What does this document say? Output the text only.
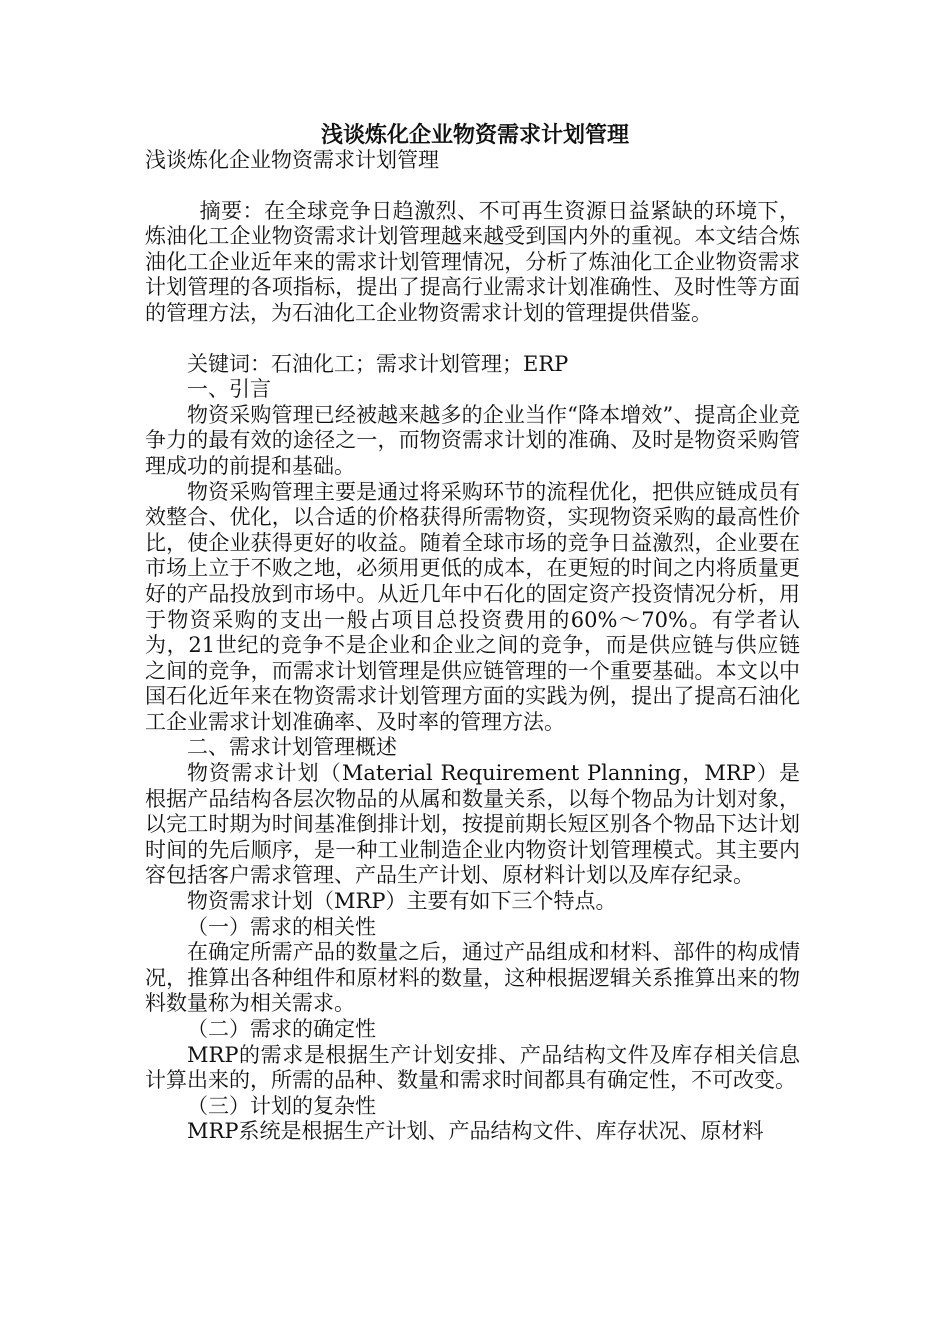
浅谈炼化企业物资需求计划管理

浅谈炼化企业物资需求计划管理

摘要：在全球竞争日趋激烈、不可再生资源日益紧缺的环境下，炼油化工企业物资需求计划管理越来越受到国内外的重视。本文结合炼油化工企业近年来的需求计划管理情况，分析了炼油化工企业物资需求计划管理的各项指标，提出了提高行业需求计划准确性、及时性等方面的管理方法，为石油化工企业物资需求计划的管理提供借鉴。

关键词：石油化工；需求计划管理；ERP

一、引言

物资采购管理已经被越来越多的企业当作“降本增效”、提高企业竞争力的最有效的途径之一，而物资需求计划的准确、及时是物资采购管理成功的前提和基础。

物资采购管理主要是通过将采购环节的流程优化，把供应链成员有效整合、优化，以合适的价格获得所需物资，实现物资采购的最高性价比，使企业获得更好的收益。随着全球市场的竞争日益激烈，企业要在市场上立于不败之地，必须用更低的成本，在更短的时间之内将质量更好的产品投放到市场中。从近几年中石化的固定资产投资情况分析，用于物资采购的支出一般占项目总投资费用的60%～70%。有学者认为，21世纪的竞争不是企业和企业之间的竞争，而是供应链与供应链之间的竞争，而需求计划管理是供应链管理的一个重要基础。本文以中国石化近年来在物资需求计划管理方面的实践为例，提出了提高石油化工企业需求计划准确率、及时率的管理方法。

二、需求计划管理概述

物资需求计划（Material Requirement Planning，MRP）是根据产品结构各层次物品的从属和数量关系，以每个物品为计划对象，以完工时期为时间基准倒排计划，按提前期长短区别各个物品下达计划时间的先后顺序，是一种工业制造企业内物资计划管理模式。其主要内容包括客户需求管理、产品生产计划、原材料计划以及库存纪录。

物资需求计划（MRP）主要有如下三个特点。

（一）需求的相关性

在确定所需产品的数量之后，通过产品组成和材料、部件的构成情况，推算出各种组件和原材料的数量，这种根据逻辑关系推算出来的物料数量称为相关需求。

（二）需求的确定性

MRP的需求是根据生产计划安排、产品结构文件及库存相关信息计算出来的，所需的品种、数量和需求时间都具有确定性，不可改变。

（三）计划的复杂性

MRP系统是根据生产计划、产品结构文件、库存状况、原材料
